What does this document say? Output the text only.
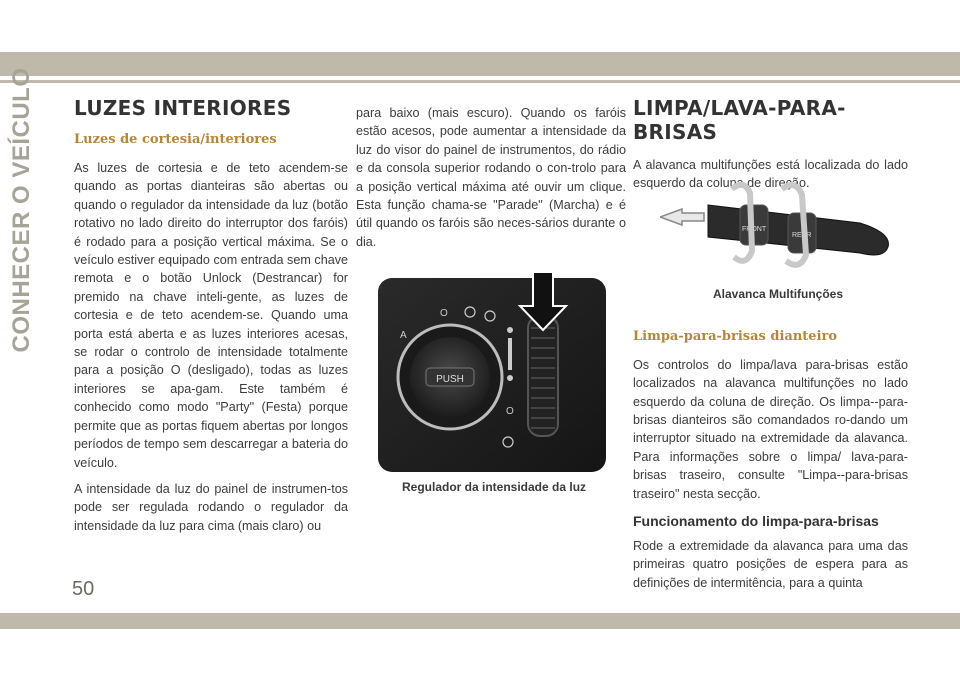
CONHECER O VEÍCULO LUZES INTERIORES
Luzes de cortesia/interiores

As luzes de cortesia e de teto acendem-se quando as portas dianteiras são abertas ou quando o regulador da intensidade da luz (botão rotativo no lado direito do interruptor dos faróis) é rodado para a posição vertical máxima. Se o veículo estiver equipado com entrada sem chave remota e o botão Unlock (Destrancar) for premido na chave inteli-gente, as luzes de cortesia e de teto acendem-se. Quando uma porta está aberta e as luzes interiores acesas, se rodar o controlo de intensidade totalmente para a posição O (desligado), todas as luzes interiores se apa-gam. Este também é conhecido como modo "Party" (Festa) porque permite que as portas fiquem abertas por longos períodos de tempo sem descarregar a bateria do veículo.

A intensidade da luz do painel de instrumen-tos pode ser regulada rodando o regulador da intensidade da luz para cima (mais claro) ou

para baixo (mais escuro). Quando os faróis estão acesos, pode aumentar a intensidade da luz do visor do painel de instrumentos, do rádio e da consola superior rodando o con-trolo para a posição vertical máxima até ouvir um clique. Esta função chama-se "Parade" (Marcha) e é útil quando os faróis são neces-sários durante o dia.

PUSH
A
O
O
Regulador da intensidade da luz
LIMPA/LAVA-PARA-BRISAS

A alavanca multifunções está localizada do lado esquerdo da coluna de direção.

Limpa-para-brisas dianteiro

Os controlos do limpa/lava para-brisas estão localizados na alavanca multifunções no lado esquerdo da coluna de direção. Os limpa--para-brisas dianteiros são comandados ro-dando um interruptor situado na extremidade da alavanca. Para informações sobre o limpa/ lava-para-brisas traseiro, consulte "Limpa--para-brisas traseiro" nesta secção.

Funcionamento do limpa-para-brisas

Rode a extremidade da alavanca para uma das primeiras quatro posições de espera para as definições de intermitência, para a quinta

FRONT
REAR
Alavanca Multifunções
50
